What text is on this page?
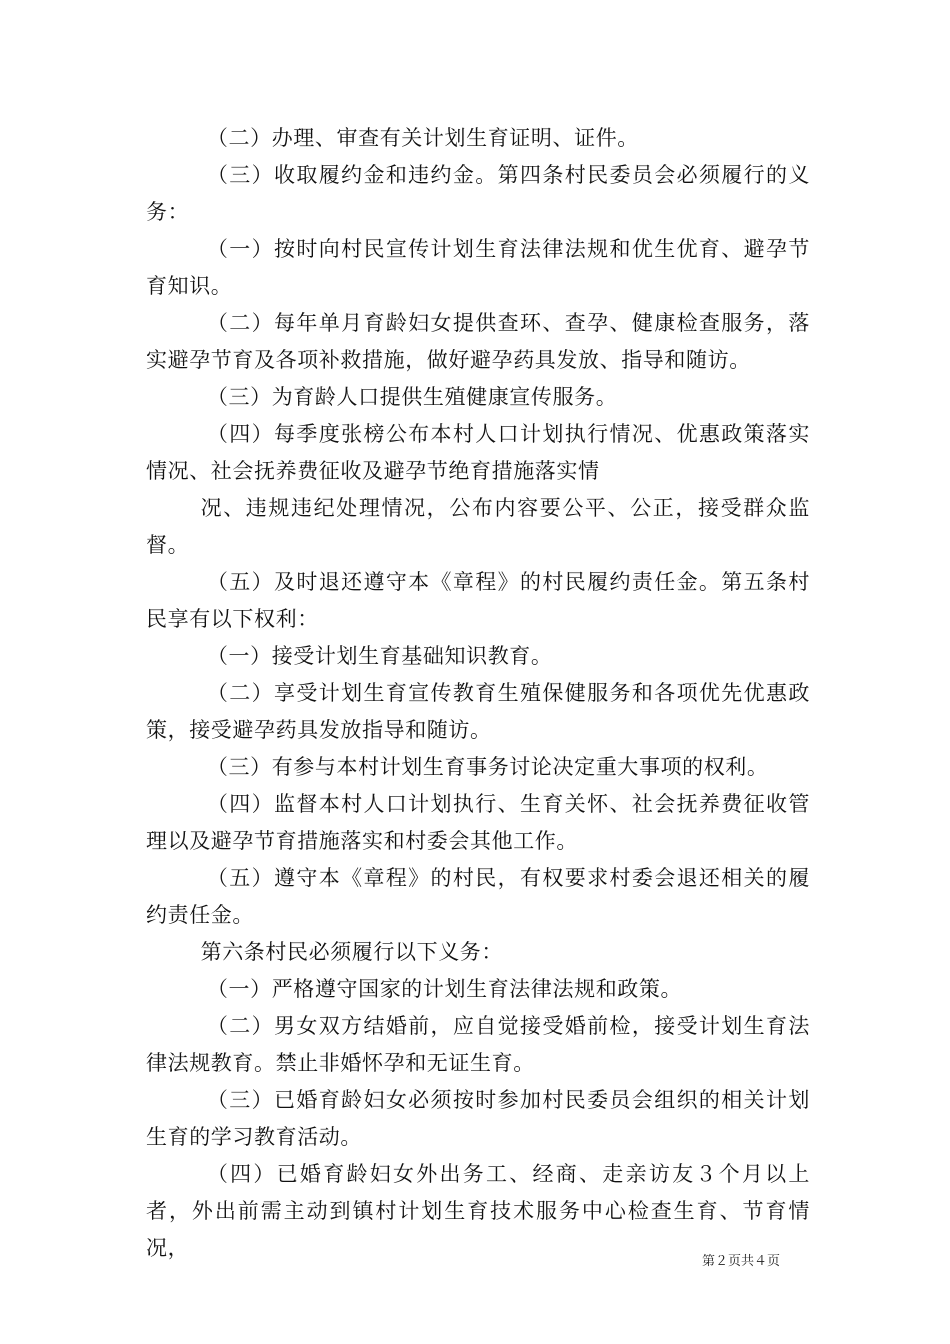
（二）办理、审查有关计划生育证明、证件。

（三）收取履约金和违约金。第四条村民委员会必须履行的义务：

（一）按时向村民宣传计划生育法律法规和优生优育、避孕节育知识。

（二）每年单月育龄妇女提供查环、查孕、健康检查服务，落实避孕节育及各项补救措施，做好避孕药具发放、指导和随访。

（三）为育龄人口提供生殖健康宣传服务。

（四）每季度张榜公布本村人口计划执行情况、优惠政策落实情况、社会抚养费征收及避孕节绝育措施落实情

况、违规违纪处理情况，公布内容要公平、公正，接受群众监督。

（五）及时退还遵守本《章程》的村民履约责任金。第五条村民享有以下权利：

（一）接受计划生育基础知识教育。

（二）享受计划生育宣传教育生殖保健服务和各项优先优惠政策，接受避孕药具发放指导和随访。

（三）有参与本村计划生育事务讨论决定重大事项的权利。

（四）监督本村人口计划执行、生育关怀、社会抚养费征收管理以及避孕节育措施落实和村委会其他工作。

（五）遵守本《章程》的村民，有权要求村委会退还相关的履约责任金。

第六条村民必须履行以下义务：

（一）严格遵守国家的计划生育法律法规和政策。

（二）男女双方结婚前，应自觉接受婚前检，接受计划生育法律法规教育。禁止非婚怀孕和无证生育。

（三）已婚育龄妇女必须按时参加村民委员会组织的相关计划生育的学习教育活动。

（四）已婚育龄妇女外出务工、经商、走亲访友３个月以上者，外出前需主动到镇村计划生育技术服务中心检查生育、节育情况，

第２页共４页
